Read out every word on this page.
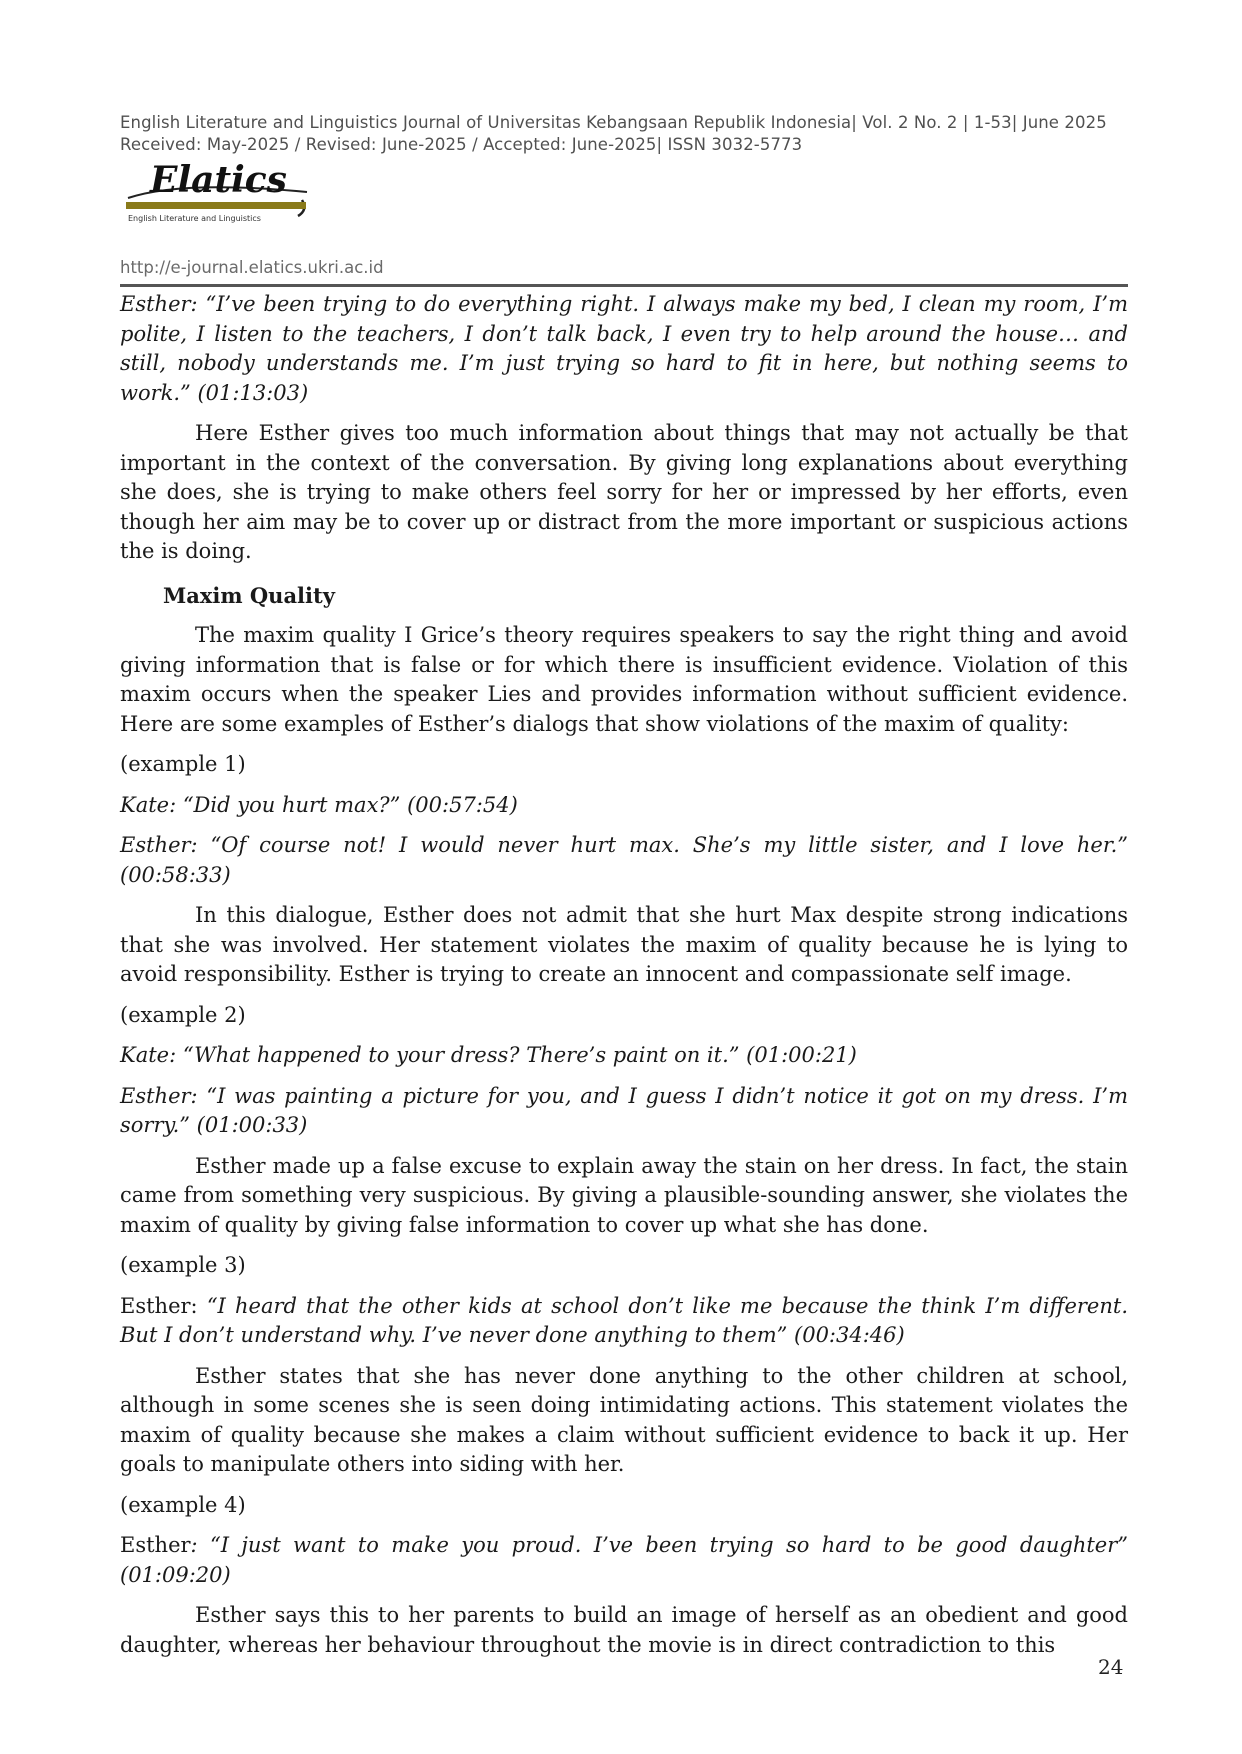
English Literature and Linguistics Journal of Universitas Kebangsaan Republik Indonesia| Vol. 2 No. 2 | 1-53| June 2025
Received: May-2025 / Revised: June-2025 / Accepted: June-2025| ISSN 3032-5773
Elatics
English Literature and Linguistics
http://e-journal.elatics.ukri.ac.id

Esther: “I’ve been trying to do everything right. I always make my bed, I clean my room, I’m polite, I listen to the teachers, I don’t talk back, I even try to help around the house… and still, nobody understands me. I’m just trying so hard to fit in here, but nothing seems to work.” (01:13:03)

Here Esther gives too much information about things that may not actually be that important in the context of the conversation. By giving long explanations about everything she does, she is trying to make others feel sorry for her or impressed by her efforts, even though her aim may be to cover up or distract from the more important or suspicious actions the is doing.

Maxim Quality

The maxim quality I Grice’s theory requires speakers to say the right thing and avoid giving information that is false or for which there is insufficient evidence. Violation of this maxim occurs when the speaker Lies and provides information without sufficient evidence. Here are some examples of Esther’s dialogs that show violations of the maxim of quality:

(example 1)

Kate: “Did you hurt max?” (00:57:54)

Esther: “Of course not! I would never hurt max. She’s my little sister, and I love her.” (00:58:33)

In this dialogue, Esther does not admit that she hurt Max despite strong indications that she was involved. Her statement violates the maxim of quality because he is lying to avoid responsibility. Esther is trying to create an innocent and compassionate self image.

(example 2)

Kate: “What happened to your dress? There’s paint on it.” (01:00:21)

Esther: “I was painting a picture for you, and I guess I didn’t notice it got on my dress. I’m sorry.” (01:00:33)

Esther made up a false excuse to explain away the stain on her dress. In fact, the stain came from something very suspicious. By giving a plausible-sounding answer, she violates the maxim of quality by giving false information to cover up what she has done.

(example 3)

Esther: “I heard that the other kids at school don’t like me because the think I’m different. But I don’t understand why. I’ve never done anything to them” (00:34:46)

Esther states that she has never done anything to the other children at school, although in some scenes she is seen doing intimidating actions. This statement violates the maxim of quality because she makes a claim without sufficient evidence to back it up. Her goals to manipulate others into siding with her.

(example 4)

Esther: “I just want to make you proud. I’ve been trying so hard to be good daughter” (01:09:20)

Esther says this to her parents to build an image of herself as an obedient and good daughter, whereas her behaviour throughout the movie is in direct contradiction to this

24
